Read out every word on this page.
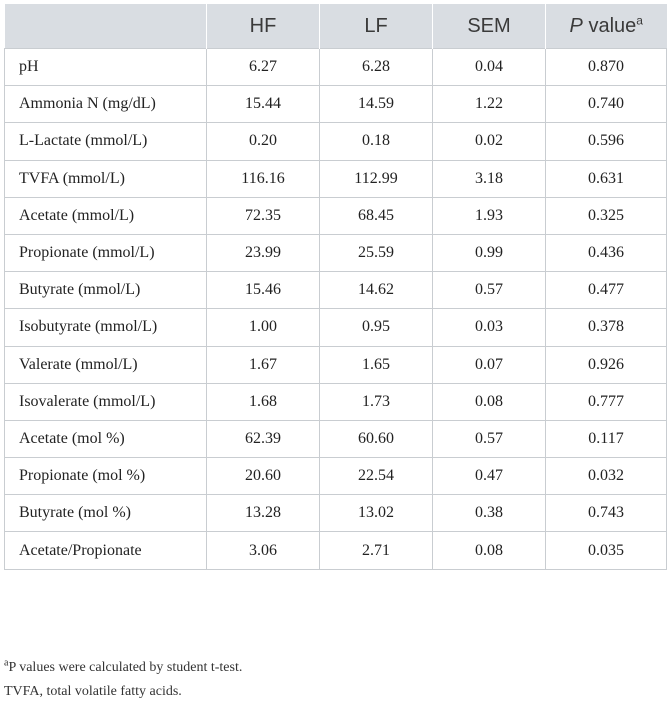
	HF	LF	SEM	P value$^a$
pH	6.27	6.28	0.04	0.870
Ammonia N (mg/dL)	15.44	14.59	1.22	0.740
L-Lactate (mmol/L)	0.20	0.18	0.02	0.596
TVFA (mmol/L)	116.16	112.99	3.18	0.631
Acetate (mmol/L)	72.35	68.45	1.93	0.325
Propionate (mmol/L)	23.99	25.59	0.99	0.436
Butyrate (mmol/L)	15.46	14.62	0.57	0.477
Isobutyrate (mmol/L)	1.00	0.95	0.03	0.378
Valerate (mmol/L)	1.67	1.65	0.07	0.926
Isovalerate (mmol/L)	1.68	1.73	0.08	0.777
Acetate (mol %)	62.39	60.60	0.57	0.117
Propionate (mol %)	20.60	22.54	0.47	0.032
Butyrate (mol %)	13.28	13.02	0.38	0.743
Acetate/Propionate	3.06	2.71	0.08	0.035
$^a$P values were calculated by student t-test.
TVFA, total volatile fatty acids.
